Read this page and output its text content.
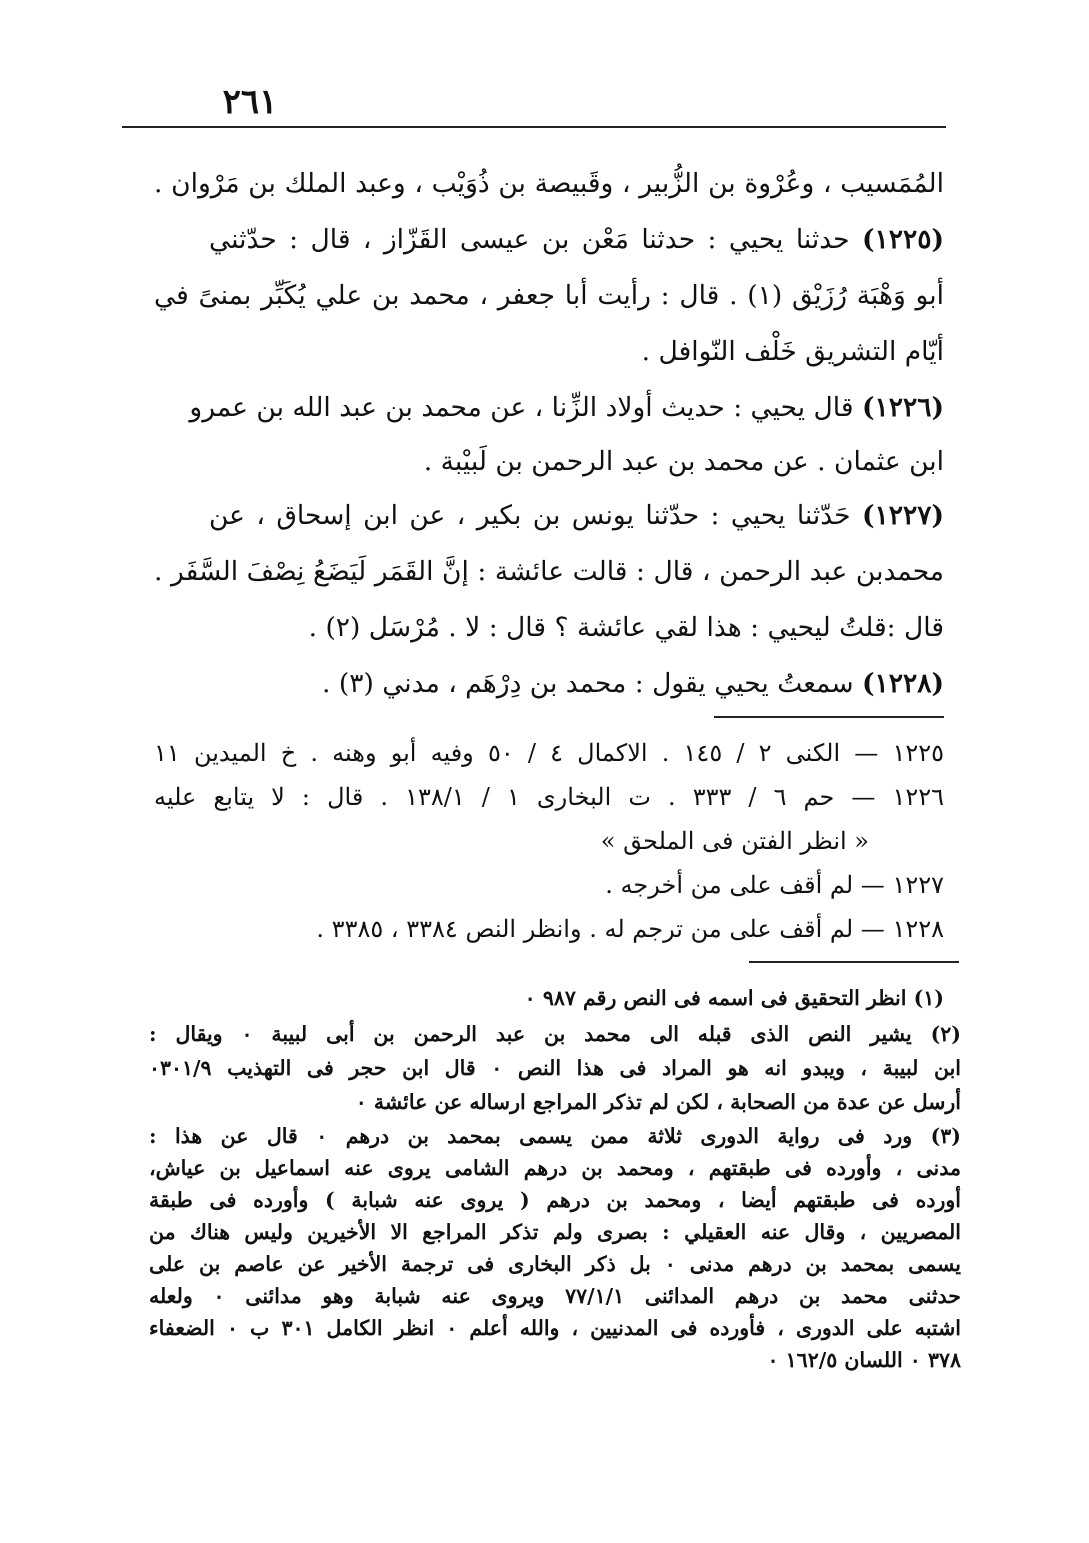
٢٦١
المُمَسيب ، وعُرْوة بن الزُّبير ، وقَبيصة بن ذُوَيْب ، وعبد الملك بن مَرْوان .
(١٢٢٥) حدثنا يحيي : حدثنا مَعْن بن عيسى القَزّاز ، قال : حدّثني
أبو وَهْبَة رُزَيْق (١) . قال : رأيت أبا جعفر ، محمد بن علي يُكَبِّر بمنىً في
أيّام التشريق خَلْف النّوافل .
(١٢٢٦) قال يحيي : حديث أولاد الزِّنا ، عن محمد بن عبد الله بن عمرو
ابن عثمان . عن محمد بن عبد الرحمن بن لَبيْبة .
(١٢٢٧) حَدّثنا يحيي : حدّثنا يونس بن بكير ، عن ابن إسحاق ، عن
محمدبن عبد الرحمن ، قال : قالت عائشة : إنَّ القَمَر لَيَضَعُ نِصْفَ السَّفَر .
قال :قلتُ ليحيي : هذا لقي عائشة ؟ قال : لا . مُرْسَل (٢) .
(١٢٢٨) سمعتُ يحيي يقول : محمد بن دِرْهَم ، مدني (٣) .
١٢٢٥ — الكنى ٢ / ١٤٥ . الاكمال ٤ / ٥٠ وفيه أبو وهنه . خ الميدين ١١
١٢٢٦ — حم ٦ / ٣٣٣ . ت البخارى ١ / ١٣٨/١ . قال : لا يتابع عليه
« انظر الفتن فى الملحق »
١٢٢٧ — لم أقف على من أخرجه .
١٢٢٨ — لم أقف على من ترجم له . وانظر النص ٣٣٨٤ ، ٣٣٨٥ .
(١) انظر التحقيق فى اسمه فى النص رقم ٩٨٧ ٠
(٢) يشير النص الذى قبله الى محمد بن عبد الرحمن بن أبى لبيبة ٠ ويقال :
ابن لبيبة ، ويبدو انه هو المراد فى هذا النص ٠ قال ابن حجر فى التهذيب ٠٣٠١/٩
أرسل عن عدة من الصحابة ، لكن لم تذكر المراجع ارساله عن عائشة ٠
(٣) ورد فى رواية الدورى ثلاثة ممن يسمى بمحمد بن درهم ٠ قال عن هذا :
مدنى ، وأورده فى طبقتهم ، ومحمد بن درهم الشامى يروى عنه اسماعيل بن عياش،
أورده فى طبقتهم أيضا ، ومحمد بن درهم ( يروى عنه شبابة ) وأورده فى طبقة
المصريين ، وقال عنه العقيلي : بصرى ولم تذكر المراجع الا الأخيرين وليس هناك من
يسمى بمحمد بن درهم مدنى ٠ بل ذكر البخارى فى ترجمة الأخير عن عاصم بن على
حدثنى محمد بن درهم المدائنى ٧٧/١/١ ويروى عنه شبابة وهو مدائنى ٠ ولعله
اشتبه على الدورى ، فأورده فى المدنيين ، والله أعلم ٠ انظر الكامل ٣٠١ ب ٠ الضعفاء
٣٧٨ ٠ اللسان ١٦٢/٥ ٠
